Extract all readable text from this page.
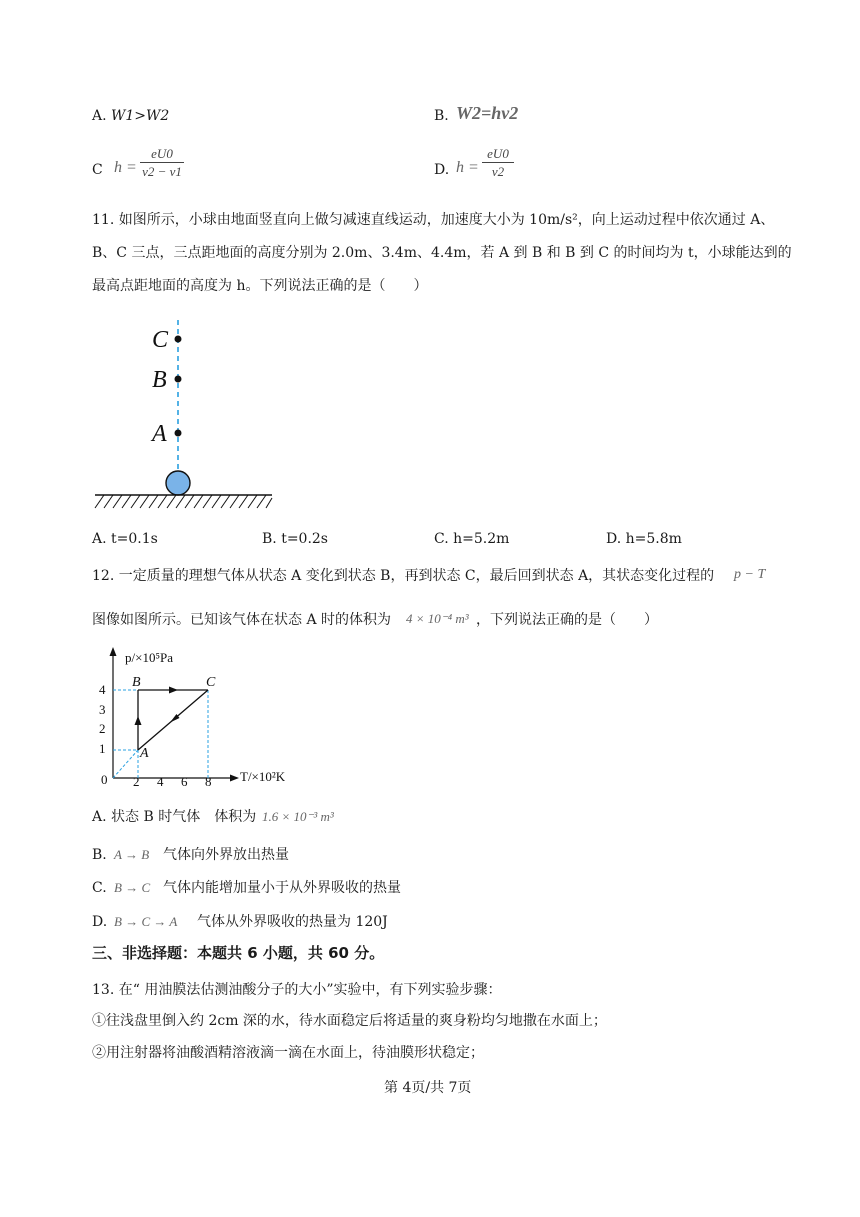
A. W1>W2	B. W2=hν2
C h =
eU0
v2 − v1	D. h =
eU0
v2
11. 如图所示，小球由地面竖直向上做匀减速直线运动，加速度大小为 10m/s²，向上运动过程中依次通过 A、
B、C 三点，三点距地面的高度分别为 2.0m、3.4m、4.4m，若 A 到 B 和 B 到 C 的时间均为 t，小球能达到的
最高点距地面的高度为 h。下列说法正确的是（　　）
C
B
A
A. t=0.1s	B. t=0.2s	C. h=5.2m	D. h=5.8m
12. 一定质量的理想气体从状态 A 变化到状态 B，再到状态 C，最后回到状态 A，其状态变化过程的 p − T
图像如图所示。已知该气体在状态 A 时的体积为 4 × 10⁻⁴ m³ ，下列说法正确的是（　　）
p/×10⁵Pa
T/×10²K
4
3
2
1
0 2 4 6 8
B	C
A
A. 状态 B 时气体　体积为 1.6 × 10⁻³ m³
B. A → B 气体向外界放出热量
C. B → C 气体内能增加量小于从外界吸收的热量
D. B → C → A 气体从外界吸收的热量为 120J
三、非选择题：本题共 6 小题，共 60 分。
13. 在“ 用油膜法估测油酸分子的大小”实验中，有下列实验步骤：
①往浅盘里倒入约 2cm 深的水，待水面稳定后将适量的爽身粉均匀地撒在水面上；
②用注射器将油酸酒精溶液滴一滴在水面上，待油膜形状稳定；
第 4页/共 7页
